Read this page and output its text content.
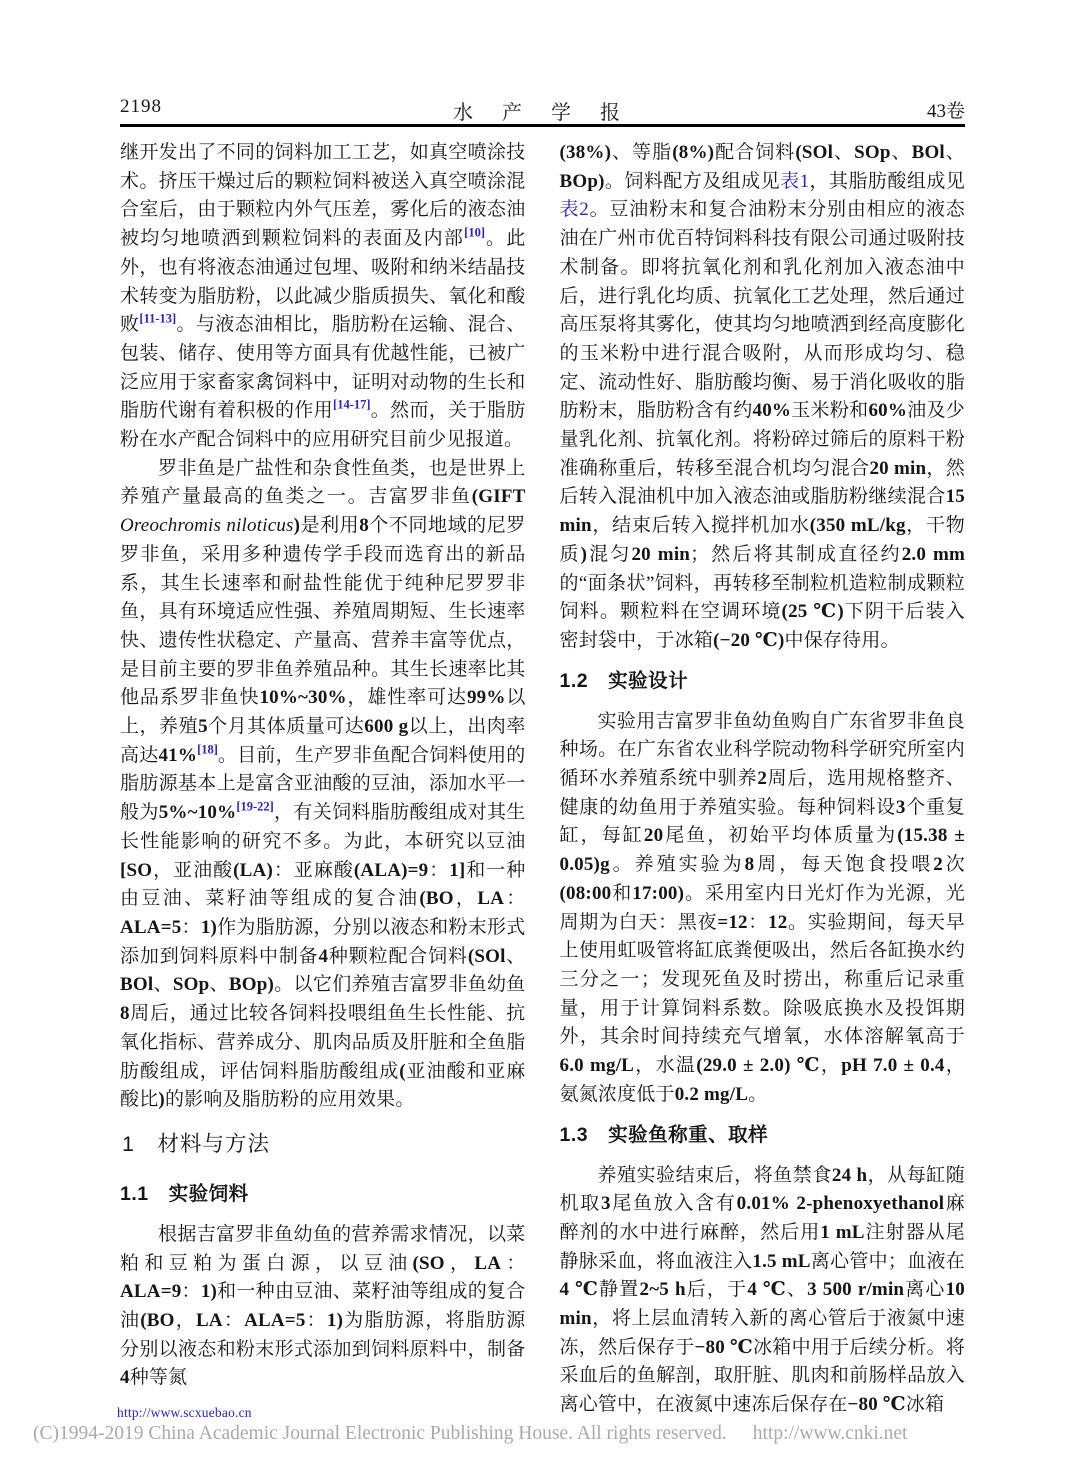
2198	水 产 学 报	43卷

继开发出了不同的饲料加工工艺，如真空喷涂技术。挤压干燥过后的颗粒饲料被送入真空喷涂混合室后，由于颗粒内外气压差，雾化后的液态油被均匀地喷洒到颗粒饲料的表面及内部[10]。此外，也有将液态油通过包埋、吸附和纳米结晶技术转变为脂肪粉，以此减少脂质损失、氧化和酸败[11-13]。与液态油相比，脂肪粉在运输、混合、包装、储存、使用等方面具有优越性能，已被广泛应用于家畜家禽饲料中，证明对动物的生长和脂肪代谢有着积极的作用[14-17]。然而，关于脂肪粉在水产配合饲料中的应用研究目前少见报道。

罗非鱼是广盐性和杂食性鱼类，也是世界上养殖产量最高的鱼类之一。吉富罗非鱼(GIFT Oreochromis niloticus)是利用8个不同地域的尼罗罗非鱼，采用多种遗传学手段而选育出的新品系，其生长速率和耐盐性能优于纯种尼罗罗非鱼，具有环境适应性强、养殖周期短、生长速率快、遗传性状稳定、产量高、营养丰富等优点，是目前主要的罗非鱼养殖品种。其生长速率比其他品系罗非鱼快10%~30%，雄性率可达99%以上，养殖5个月其体质量可达600 g以上，出肉率高达41%[18]。目前，生产罗非鱼配合饲料使用的脂肪源基本上是富含亚油酸的豆油，添加水平一般为5%~10%[19-22]，有关饲料脂肪酸组成对其生长性能影响的研究不多。为此，本研究以豆油[SO，亚油酸(LA)：亚麻酸(ALA)=9：1]和一种由豆油、菜籽油等组成的复合油(BO，LA：ALA=5：1)作为脂肪源，分别以液态和粉末形式添加到饲料原料中制备4种颗粒配合饲料(SOl、BOl、SOp、BOp)。以它们养殖吉富罗非鱼幼鱼8周后，通过比较各饲料投喂组鱼生长性能、抗氧化指标、营养成分、肌肉品质及肝脏和全鱼脂肪酸组成，评估饲料脂肪酸组成(亚油酸和亚麻酸比)的影响及脂肪粉的应用效果。

1　材料与方法
1.1　实验饲料

根据吉富罗非鱼幼鱼的营养需求情况，以菜粕和豆粕为蛋白源，以豆油(SO，LA：ALA=9：1)和一种由豆油、菜籽油等组成的复合油(BO，LA：ALA=5：1)为脂肪源，将脂肪源分别以液态和粉末形式添加到饲料原料中，制备4种等氮

(38%)、等脂(8%)配合饲料(SOl、SOp、BOl、BOp)。饲料配方及组成见表1，其脂肪酸组成见表2。豆油粉末和复合油粉末分别由相应的液态油在广州市优百特饲料科技有限公司通过吸附技术制备。即将抗氧化剂和乳化剂加入液态油中后，进行乳化均质、抗氧化工艺处理，然后通过高压泵将其雾化，使其均匀地喷洒到经高度膨化的玉米粉中进行混合吸附，从而形成均匀、稳定、流动性好、脂肪酸均衡、易于消化吸收的脂肪粉末，脂肪粉含有约40%玉米粉和60%油及少量乳化剂、抗氧化剂。将粉碎过筛后的原料干粉准确称重后，转移至混合机均匀混合20 min，然后转入混油机中加入液态油或脂肪粉继续混合15 min，结束后转入搅拌机加水(350 mL/kg，干物质)混匀20 min；然后将其制成直径约2.0 mm的“面条状”饲料，再转移至制粒机造粒制成颗粒饲料。颗粒料在空调环境(25 ℃)下阴干后装入密封袋中，于冰箱(−20 ℃)中保存待用。

1.2　实验设计

实验用吉富罗非鱼幼鱼购自广东省罗非鱼良种场。在广东省农业科学院动物科学研究所室内循环水养殖系统中驯养2周后，选用规格整齐、健康的幼鱼用于养殖实验。每种饲料设3个重复缸，每缸20尾鱼，初始平均体质量为(15.38 ± 0.05)g。养殖实验为8周，每天饱食投喂2次(08:00和17:00)。采用室内日光灯作为光源，光周期为白天：黑夜=12：12。实验期间，每天早上使用虹吸管将缸底粪便吸出，然后各缸换水约三分之一；发现死鱼及时捞出，称重后记录重量，用于计算饲料系数。除吸底换水及投饵期外，其余时间持续充气增氧，水体溶解氧高于6.0 mg/L，水温(29.0 ± 2.0) ℃，pH 7.0 ± 0.4，氨氮浓度低于0.2 mg/L。

1.3　实验鱼称重、取样

养殖实验结束后，将鱼禁食24 h，从每缸随机取3尾鱼放入含有0.01% 2-phenoxyethanol麻醉剂的水中进行麻醉，然后用1 mL注射器从尾静脉采血，将血液注入1.5 mL离心管中；血液在4 ℃静置2~5 h后，于4 ℃、3 500 r/min离心10 min，将上层血清转入新的离心管后于液氮中速冻，然后保存于−80 ℃冰箱中用于后续分析。将采血后的鱼解剖，取肝脏、肌肉和前肠样品放入离心管中，在液氮中速冻后保存在−80 ℃冰箱

http://www.scxuebao.cn
(C)1994-2019 China Academic Journal Electronic Publishing House. All rights reserved. http://www.cnki.net
